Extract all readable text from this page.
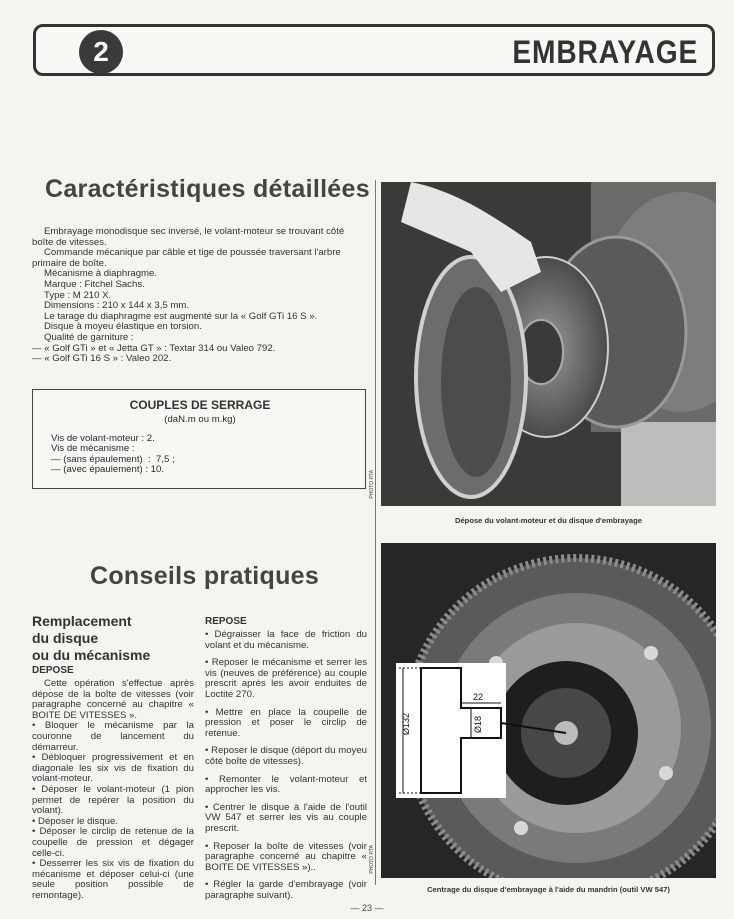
2	EMBRAYAGE
Caractéristiques détaillées

Embrayage monodisque sec inversé, le volant-moteur se trouvant côté boîte de vitesses.

Commande mécanique par câble et tige de poussée traversant l'arbre primaire de boîte.

Mécanisme à diaphragme.

Marque : Fitchel Sachs.

Type : M 210 X.

Dimensions : 210 x 144 x 3,5 mm.

Le tarage du diaphragme est augmenté sur la « Golf GTi 16 S ».

Disque à moyeu élastique en torsion.

Qualité de garniture :

— « Golf GTi » et « Jetta GT » : Textar 314 ou Valeo 792.

— « Golf GTi 16 S » : Valeo 202.

COUPLES DE SERRAGE
(daN.m ou m.kg)
Vis de volant-moteur : 2.
Vis de mécanisme :
— (sans épaulement)  :  7,5 ;
— (avec épaulement) : 10.
Conseils pratiques
Remplacement
du disque
ou du mécanisme
DEPOSE

Cette opération s'effectue après dépose de la boîte de vitesses (voir paragraphe concerné au chapitre « BOITE DE VITESSES ».

• Bloquer le mécanisme par la couronne de lancement du démarreur.

• Débloquer progressivement et en diagonale les six vis de fixation du volant-moteur.

• Déposer le volant-moteur (1 pion permet de repérer la position du volant).

• Déposer le disque.

• Déposer le circlip de retenue de la coupelle de pression et dégager celle-ci.

• Desserrer les six vis de fixation du mécanisme et déposer celui-ci (une seule position possible de remontage).

REPOSE

• Dégraisser la face de friction du volant et du mécanisme.

• Reposer le mécanisme et serrer les vis (neuves de préférence) au couple prescrit après les avoir enduites de Loctite 270.

• Mettre en place la coupelle de pression et poser le circlip de retenue.

• Reposer le disque (déport du moyeu côté boîte de vitesses).

• Remonter le volant-moteur et approcher les vis.

• Centrer le disque à l'aide de l'outil VW 547 et serrer les vis au couple prescrit.

• Reposer la boîte de vitesses (voir paragraphe concerné au chapitre « BOITE DE VITESSES »)..

• Régler la garde d'embrayage (voir paragraphe suivant).

PHOTO RTA
Dépose du volant-moteur et du disque d'embrayage
Ø132
22
Ø18
PHOTO RTA
Centrage du disque d'embrayage à l'aide du mandrin (outil VW 547)
— 23 —
